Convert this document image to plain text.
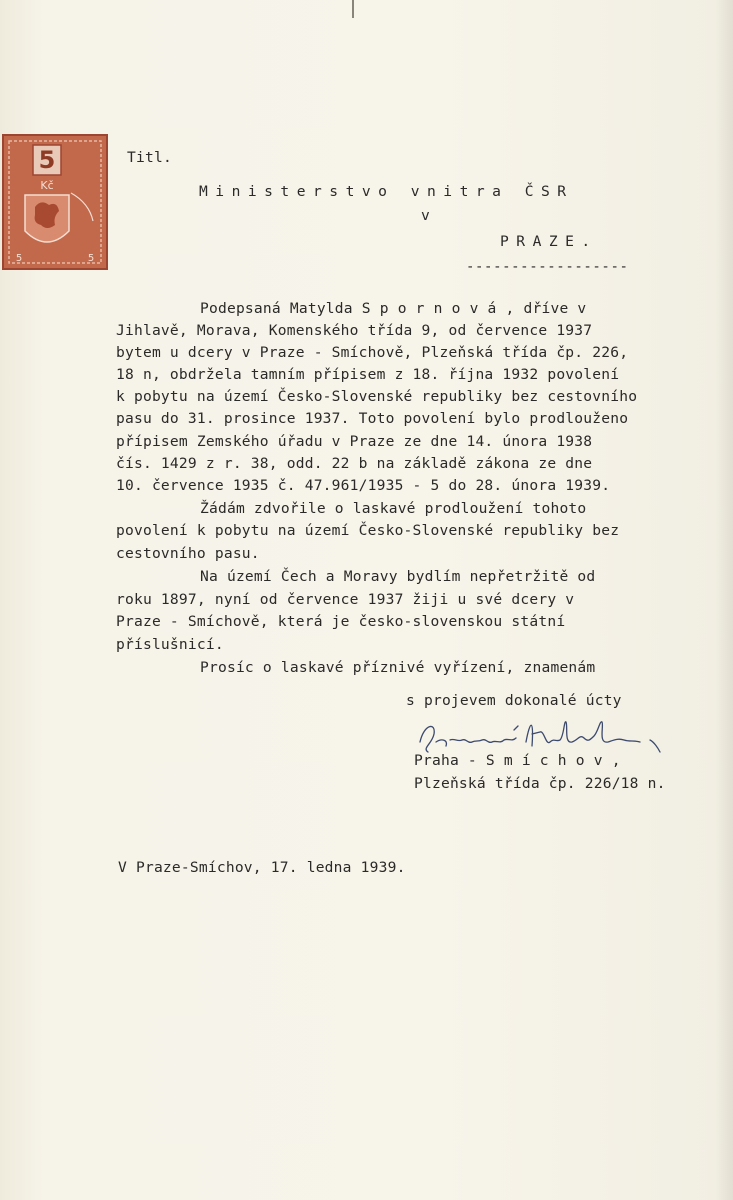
5
Kč
5
5
Titl.
Ministerstvo vnitra ČSR
v
PRAZE.
------------------
Podepsaná Matylda S p o r n o v á , dříve v
Jihlavě, Morava, Komenského třída 9, od července 1937
bytem u dcery v Praze - Smíchově, Plzeňská třída čp. 226,
18 n, obdržela tamním přípisem z 18. října 1932 povolení
k pobytu na území Česko-Slovenské republiky bez cestovního
pasu do 31. prosince 1937. Toto povolení bylo prodlouženo
přípisem Zemského úřadu v Praze ze dne 14. února 1938
čís. 1429 z r. 38, odd. 22 b na základě zákona ze dne
10. července 1935 č. 47.961/1935 - 5 do 28. února 1939.
Žádám zdvořile o laskavé prodloužení tohoto
povolení k pobytu na území Česko-Slovenské republiky bez
cestovního pasu.
Na území Čech a Moravy bydlím nepřetržitě od
roku 1897, nyní od července 1937 žiji u své dcery v
Praze - Smíchově, která je česko-slovenskou státní
příslušnicí.
Prosíc o laskavé příznivé vyřízení, znamenám
s projevem dokonalé úcty
Praha - S m í c h o v ,
Plzeňská třída čp. 226/18 n.
V Praze-Smíchov, 17. ledna 1939.
